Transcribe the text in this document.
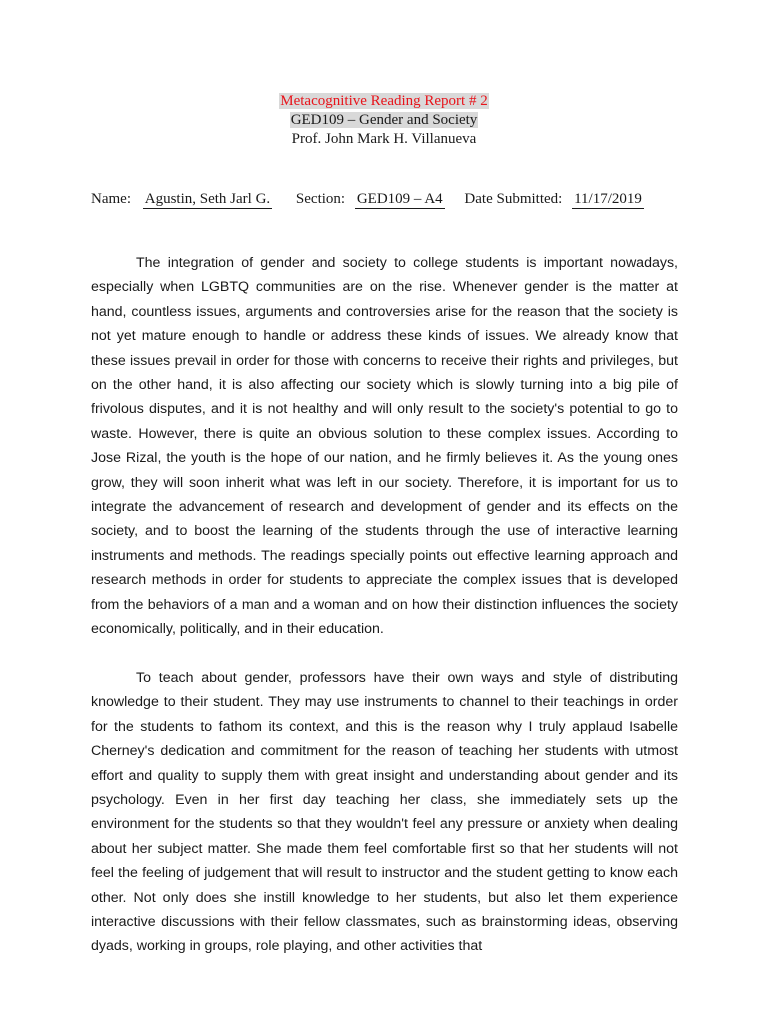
Metacognitive Reading Report # 2
GED109 – Gender and Society
Prof. John Mark H. Villanueva
Name: Agustin, Seth Jarl G. Section: GED109 – A4 Date Submitted: 11/17/2019

The integration of gender and society to college students is important nowadays, especially when LGBTQ communities are on the rise. Whenever gender is the matter at hand, countless issues, arguments and controversies arise for the reason that the society is not yet mature enough to handle or address these kinds of issues. We already know that these issues prevail in order for those with concerns to receive their rights and privileges, but on the other hand, it is also affecting our society which is slowly turning into a big pile of frivolous disputes, and it is not healthy and will only result to the society's potential to go to waste. However, there is quite an obvious solution to these complex issues. According to Jose Rizal, the youth is the hope of our nation, and he firmly believes it. As the young ones grow, they will soon inherit what was left in our society. Therefore, it is important for us to integrate the advancement of research and development of gender and its effects on the society, and to boost the learning of the students through the use of interactive learning instruments and methods. The readings specially points out effective learning approach and research methods in order for students to appreciate the complex issues that is developed from the behaviors of a man and a woman and on how their distinction influences the society economically, politically, and in their education.

To teach about gender, professors have their own ways and style of distributing knowledge to their student. They may use instruments to channel to their teachings in order for the students to fathom its context, and this is the reason why I truly applaud Isabelle Cherney's dedication and commitment for the reason of teaching her students with utmost effort and quality to supply them with great insight and understanding about gender and its psychology. Even in her first day teaching her class, she immediately sets up the environment for the students so that they wouldn't feel any pressure or anxiety when dealing about her subject matter. She made them feel comfortable first so that her students will not feel the feeling of judgement that will result to instructor and the student getting to know each other. Not only does she instill knowledge to her students, but also let them experience interactive discussions with their fellow classmates, such as brainstorming ideas, observing dyads, working in groups, role playing, and other activities that
